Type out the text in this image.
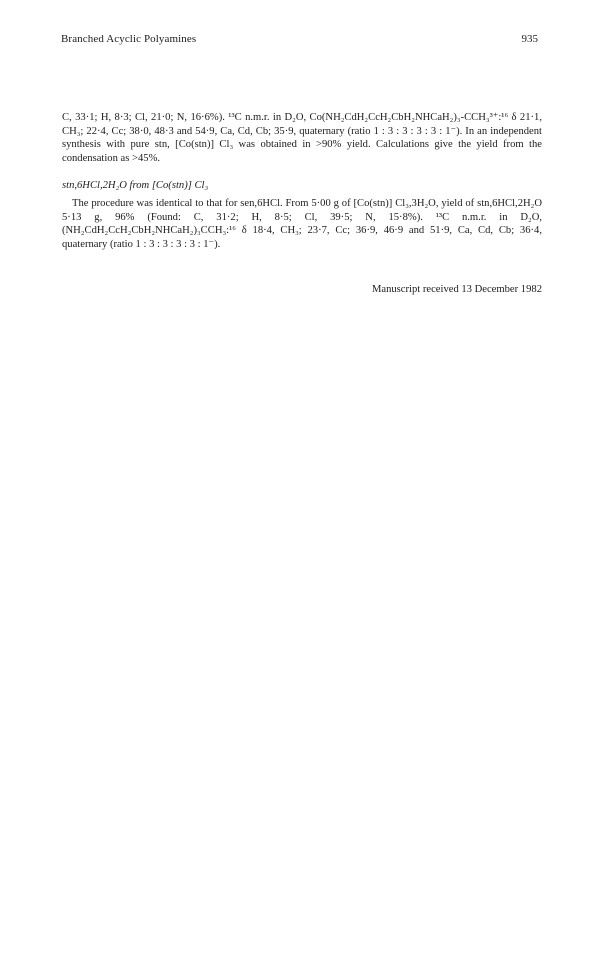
Branched Acyclic Polyamines	935

C, 33·1; H, 8·3; Cl, 21·0; N, 16·6%). ¹³C n.m.r. in D₂O, Co(NH₂CdH₂CcH₂CbH₂NHCaH₂)₃-CCH₃³⁺:¹⁶ δ 21·1, CH₃; 22·4, Cc; 38·0, 48·3 and 54·9, Ca, Cd, Cb; 35·9, quaternary (ratio 1 : 3 : 3 : 3 : 3 : 1⁻). In an independent synthesis with pure stn, [Co(stn)] Cl₃ was obtained in >90% yield. Calculations give the yield from the condensation as >45%.

stn,6HCl,2H₂O from [Co(stn)] Cl₃

The procedure was identical to that for sen,6HCl. From 5·00 g of [Co(stn)] Cl₃,3H₂O, yield of stn,6HCl,2H₂O 5·13 g, 96% (Found: C, 31·2; H, 8·5; Cl, 39·5; N, 15·8%). ¹³C n.m.r. in D₂O, (NH₂CdH₂CcH₂CbH₂NHCaH₂)₃CCH₃:¹⁶ δ 18·4, CH₃; 23·7, Cc; 36·9, 46·9 and 51·9, Ca, Cd, Cb; 36·4, quaternary (ratio 1 : 3 : 3 : 3 : 3 : 1⁻).

Manuscript received 13 December 1982
